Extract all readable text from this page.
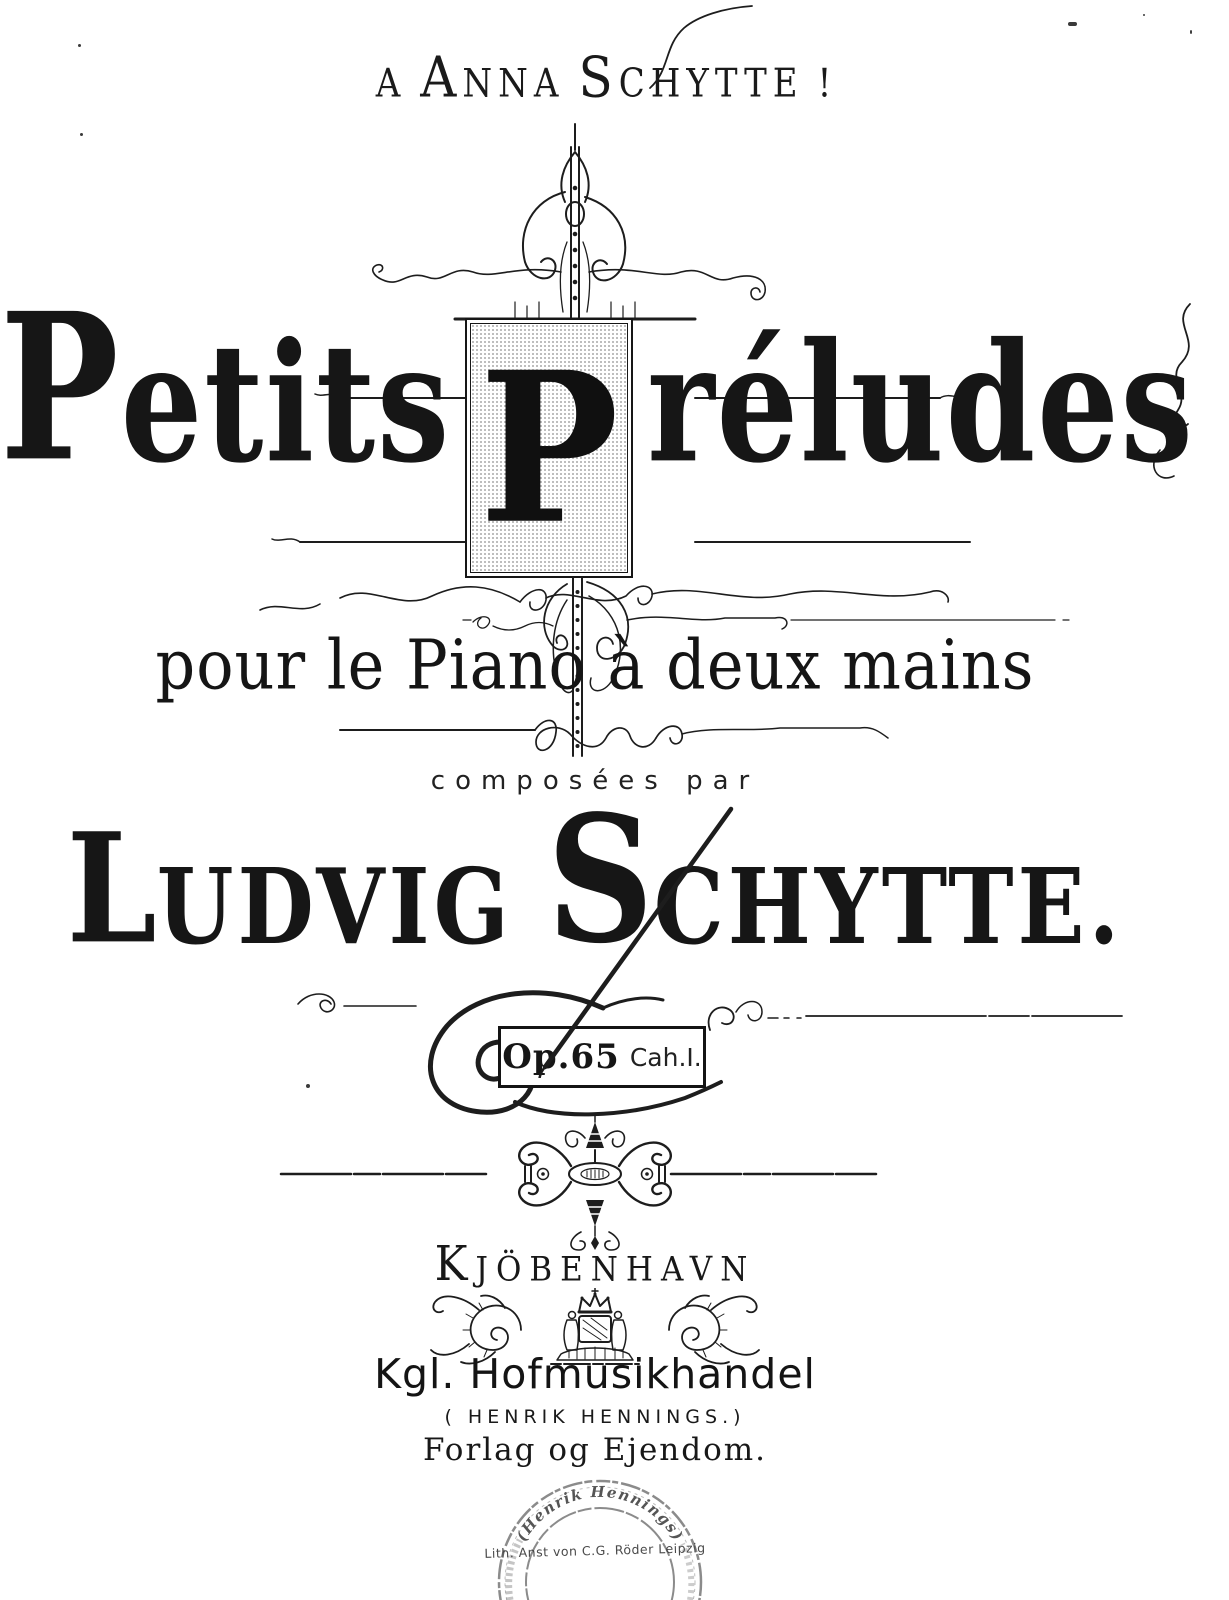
A ANNA SCHYTTE !
Petits P réludes
pour le Piano à deux mains
composées par
LUDVIG SCHYTTE.
Op.65 Cah.I.
KJÖBENHAVN
Kgl. Hofmusikhandel
( HENRIK HENNINGS.)
Forlag og Ejendom.
(Henrik Hennings)
Lith. Anst von C.G. Röder Leipzig
